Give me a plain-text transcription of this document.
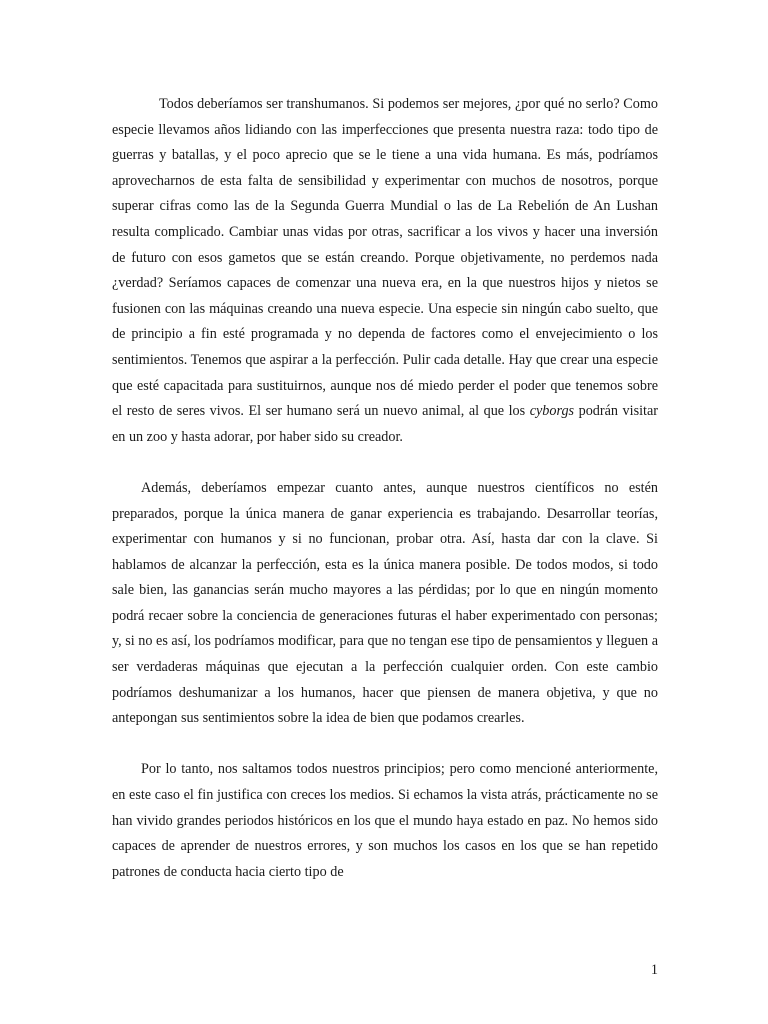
Todos deberíamos ser transhumanos. Si podemos ser mejores, ¿por qué no serlo? Como especie llevamos años lidiando con las imperfecciones que presenta nuestra raza: todo tipo de guerras y batallas, y el poco aprecio que se le tiene a una vida humana. Es más, podríamos aprovecharnos de esta falta de sensibilidad y experimentar con muchos de nosotros, porque superar cifras como las de la Segunda Guerra Mundial o las de La Rebelión de An Lushan resulta complicado. Cambiar unas vidas por otras, sacrificar a los vivos y hacer una inversión de futuro con esos gametos que se están creando. Porque objetivamente, no perdemos nada ¿verdad? Seríamos capaces de comenzar una nueva era, en la que nuestros hijos y nietos se fusionen con las máquinas creando una nueva especie. Una especie sin ningún cabo suelto, que de principio a fin esté programada y no dependa de factores como el envejecimiento o los sentimientos. Tenemos que aspirar a la perfección. Pulir cada detalle. Hay que crear una especie que esté capacitada para sustituirnos, aunque nos dé miedo perder el poder que tenemos sobre el resto de seres vivos. El ser humano será un nuevo animal, al que los cyborgs podrán visitar en un zoo y hasta adorar, por haber sido su creador.

Además, deberíamos empezar cuanto antes, aunque nuestros científicos no estén preparados, porque la única manera de ganar experiencia es trabajando. Desarrollar teorías, experimentar con humanos y si no funcionan, probar otra. Así, hasta dar con la clave. Si hablamos de alcanzar la perfección, esta es la única manera posible. De todos modos, si todo sale bien, las ganancias serán mucho mayores a las pérdidas; por lo que en ningún momento podrá recaer sobre la conciencia de generaciones futuras el haber experimentado con personas; y, si no es así, los podríamos modificar, para que no tengan ese tipo de pensamientos y lleguen a ser verdaderas máquinas que ejecutan a la perfección cualquier orden. Con este cambio podríamos deshumanizar a los humanos, hacer que piensen de manera objetiva, y que no antepongan sus sentimientos sobre la idea de bien que podamos crearles.

Por lo tanto, nos saltamos todos nuestros principios; pero como mencioné anteriormente, en este caso el fin justifica con creces los medios. Si echamos la vista atrás, prácticamente no se han vivido grandes periodos históricos en los que el mundo haya estado en paz. No hemos sido capaces de aprender de nuestros errores, y son muchos los casos en los que se han repetido patrones de conducta hacia cierto tipo de

1
